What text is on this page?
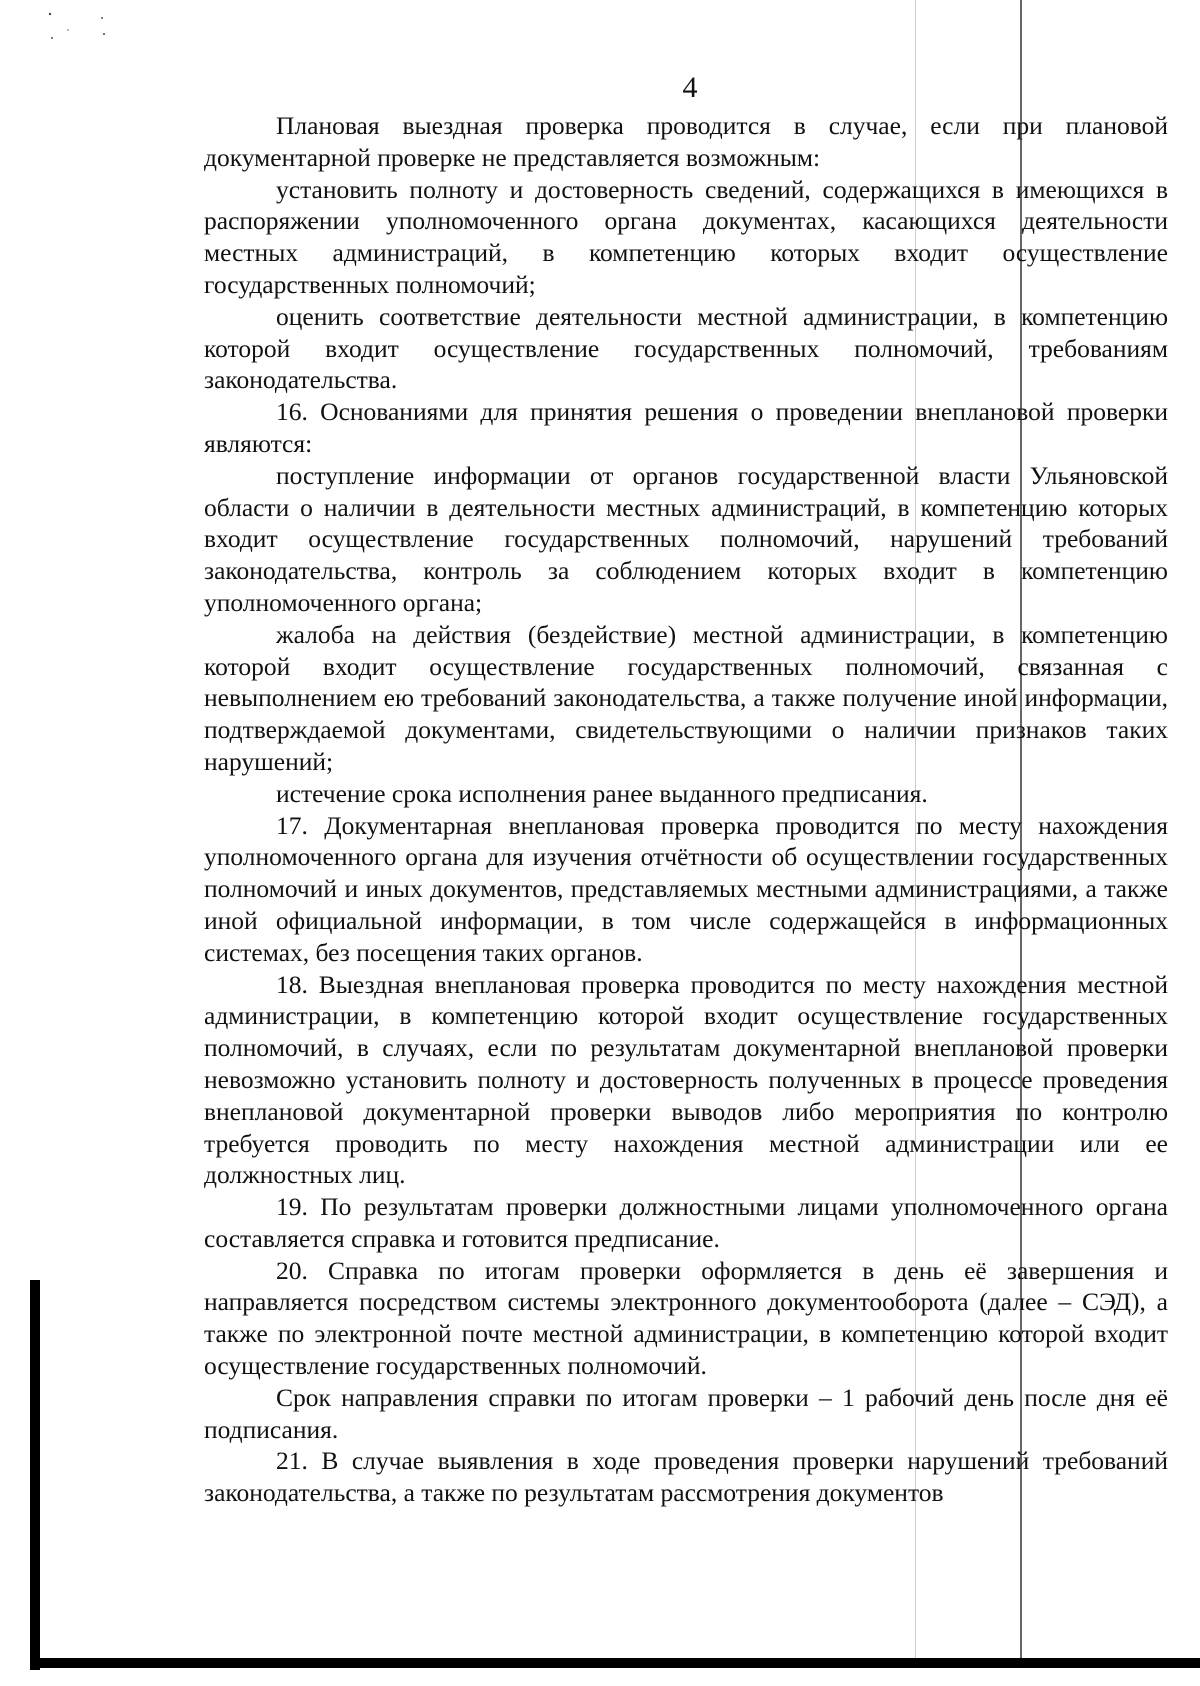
4

Плановая выездная проверка проводится в случае, если при плановой документарной проверке не представляется возможным:

установить полноту и достоверность сведений, содержащихся в имеющихся в распоряжении уполномоченного органа документах, касающихся деятельности местных администраций, в компетенцию которых входит осуществление государственных полномочий;

оценить соответствие деятельности местной администрации, в компетенцию которой входит осуществление государственных полномочий, требованиям законодательства.

16. Основаниями для принятия решения о проведении внеплановой проверки являются:

поступление информации от органов государственной власти Ульяновской области о наличии в деятельности местных администраций, в компетенцию которых входит осуществление государственных полномочий, нарушений требований законодательства, контроль за соблюдением которых входит в компетенцию уполномоченного органа;

жалоба на действия (бездействие) местной администрации, в компетенцию которой входит осуществление государственных полномочий, связанная с невыполнением ею требований законодательства, а также получение иной информации, подтверждаемой документами, свидетельствующими о наличии признаков таких нарушений;

истечение срока исполнения ранее выданного предписания.

17. Документарная внеплановая проверка проводится по месту нахождения уполномоченного органа для изучения отчётности об осуществлении государственных полномочий и иных документов, представляемых местными администрациями, а также иной официальной информации, в том числе содержащейся в информационных системах, без посещения таких органов.

18. Выездная внеплановая проверка проводится по месту нахождения местной администрации, в компетенцию которой входит осуществление государственных полномочий, в случаях, если по результатам документарной внеплановой проверки невозможно установить полноту и достоверность полученных в процессе проведения внеплановой документарной проверки выводов либо мероприятия по контролю требуется проводить по месту нахождения местной администрации или ее должностных лиц.

19. По результатам проверки должностными лицами уполномоченного органа составляется справка и готовится предписание.

20. Справка по итогам проверки оформляется в день её завершения и направляется посредством системы электронного документооборота (далее – СЭД), а также по электронной почте местной администрации, в компетенцию которой входит осуществление государственных полномочий.

Срок направления справки по итогам проверки – 1 рабочий день после дня её подписания.

21. В случае выявления в ходе проведения проверки нарушений требований законодательства, а также по результатам рассмотрения документов
